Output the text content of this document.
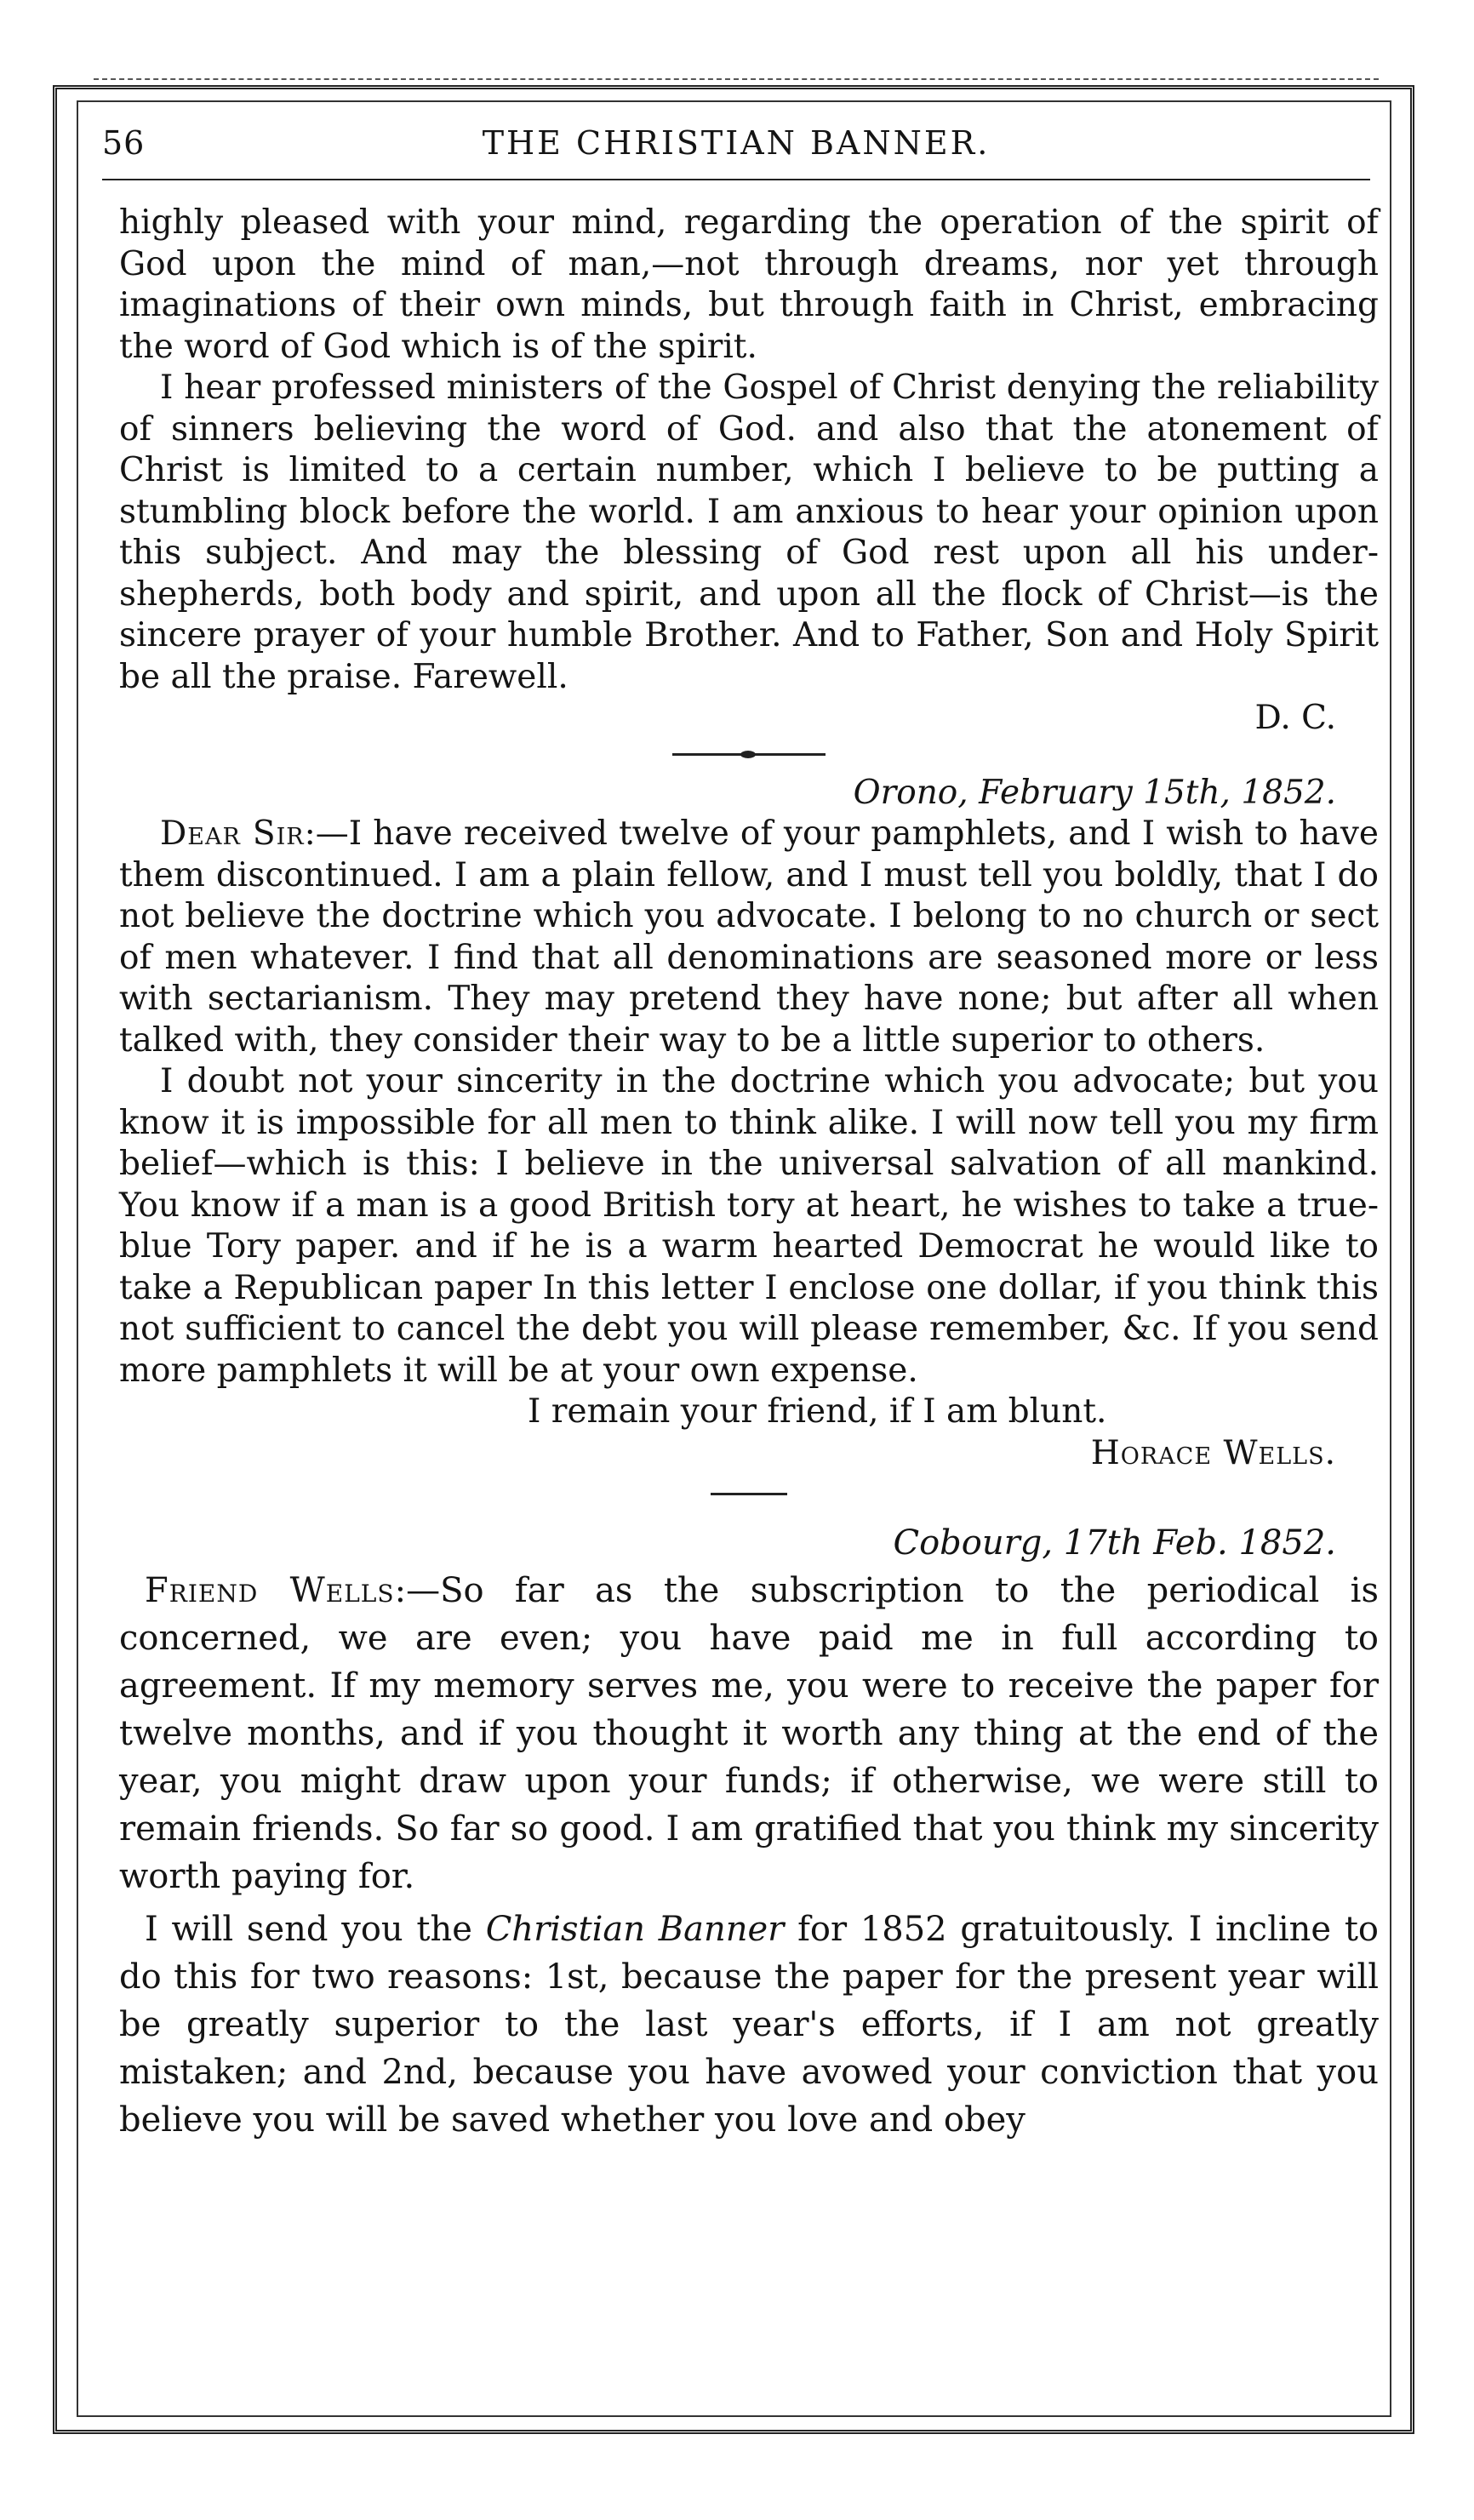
56	THE CHRISTIAN BANNER.

highly pleased with your mind, regarding the operation of the spirit of God upon the mind of man,—not through dreams, nor yet through imaginations of their own minds, but through faith in Christ, embracing the word of God which is of the spirit.

I hear professed ministers of the Gospel of Christ denying the reliability of sinners believing the word of God. and also that the atonement of Christ is limited to a certain number, which I believe to be putting a stumbling block before the world. I am anxious to hear your opinion upon this subject. And may the blessing of God rest upon all his under-shepherds, both body and spirit, and upon all the flock of Christ—is the sincere prayer of your humble Brother. And to Father, Son and Holy Spirit be all the praise. Farewell.

D. C.

Orono, February 15th, 1852.

Dear Sir:—I have received twelve of your pamphlets, and I wish to have them discontinued. I am a plain fellow, and I must tell you boldly, that I do not believe the doctrine which you advocate. I belong to no church or sect of men whatever. I find that all denominations are seasoned more or less with sectarianism. They may pretend they have none; but after all when talked with, they consider their way to be a little superior to others.

I doubt not your sincerity in the doctrine which you advocate; but you know it is impossible for all men to think alike. I will now tell you my firm belief—which is this: I believe in the universal salvation of all mankind. You know if a man is a good British tory at heart, he wishes to take a true-blue Tory paper. and if he is a warm hearted Democrat he would like to take a Republican paper In this letter I enclose one dollar, if you think this not sufficient to cancel the debt you will please remember, &c. If you send more pamphlets it will be at your own expense.

I remain your friend, if I am blunt.

Horace Wells.

Cobourg, 17th Feb. 1852.

Friend Wells:—So far as the subscription to the periodical is concerned, we are even; you have paid me in full according to agreement. If my memory serves me, you were to receive the paper for twelve months, and if you thought it worth any thing at the end of the year, you might draw upon your funds; if otherwise, we were still to remain friends. So far so good. I am gratified that you think my sincerity worth paying for.

I will send you the Christian Banner for 1852 gratuitously. I incline to do this for two reasons: 1st, because the paper for the present year will be greatly superior to the last year's efforts, if I am not greatly mistaken; and 2nd, because you have avowed your conviction that you believe you will be saved whether you love and obey
